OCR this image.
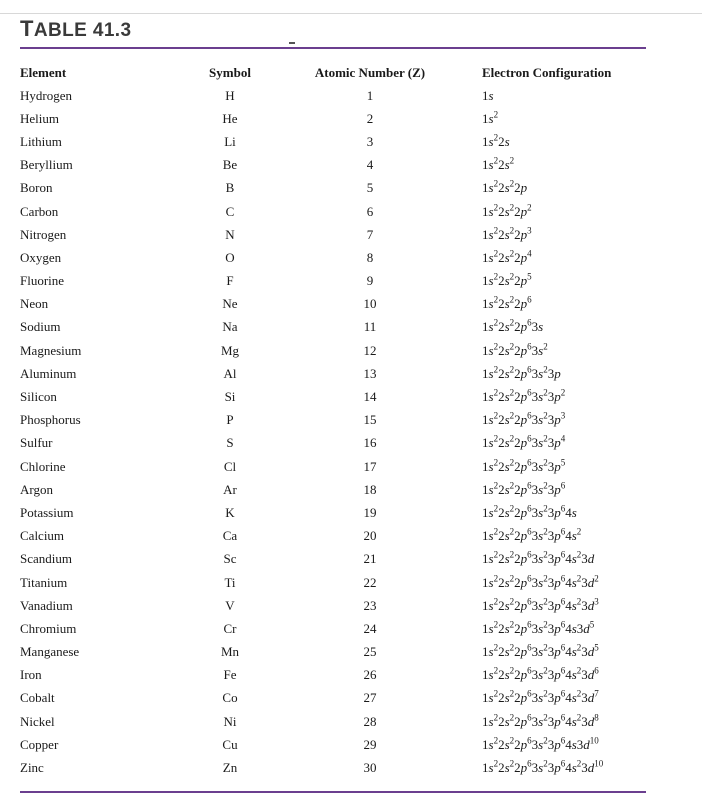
TABLE 41.3
Element	Symbol	Atomic Number (Z)	Electron Configuration
Hydrogen	H	1	1s
Helium	He	2	$1s^2$
Lithium	Li	3	$1s^22s$
Beryllium	Be	4	$1s^22s^2$
Boron	B	5	$1s^22s^22p$
Carbon	C	6	$1s^22s^22p^2$
Nitrogen	N	7	$1s^22s^22p^3$
Oxygen	O	8	$1s^22s^22p^4$
Fluorine	F	9	$1s^22s^22p^5$
Neon	Ne	10	$1s^22s^22p^6$
Sodium	Na	11	$1s^22s^22p^63s$
Magnesium	Mg	12	$1s^22s^22p^63s^2$
Aluminum	Al	13	$1s^22s^22p^63s^23p$
Silicon	Si	14	$1s^22s^22p^63s^23p^2$
Phosphorus	P	15	$1s^22s^22p^63s^23p^3$
Sulfur	S	16	$1s^22s^22p^63s^23p^4$
Chlorine	Cl	17	$1s^22s^22p^63s^23p^5$
Argon	Ar	18	$1s^22s^22p^63s^23p^6$
Potassium	K	19	$1s^22s^22p^63s^23p^64s$
Calcium	Ca	20	$1s^22s^22p^63s^23p^64s^2$
Scandium	Sc	21	$1s^22s^22p^63s^23p^64s^23d$
Titanium	Ti	22	$1s^22s^22p^63s^23p^64s^23d^2$
Vanadium	V	23	$1s^22s^22p^63s^23p^64s^23d^3$
Chromium	Cr	24	$1s^22s^22p^63s^23p^64s3d^5$
Manganese	Mn	25	$1s^22s^22p^63s^23p^64s^23d^5$
Iron	Fe	26	$1s^22s^22p^63s^23p^64s^23d^6$
Cobalt	Co	27	$1s^22s^22p^63s^23p^64s^23d^7$
Nickel	Ni	28	$1s^22s^22p^63s^23p^64s^23d^8$
Copper	Cu	29	$1s^22s^22p^63s^23p^64s3d^{10}$
Zinc	Zn	30	$1s^22s^22p^63s^23p^64s^23d^{10}$
